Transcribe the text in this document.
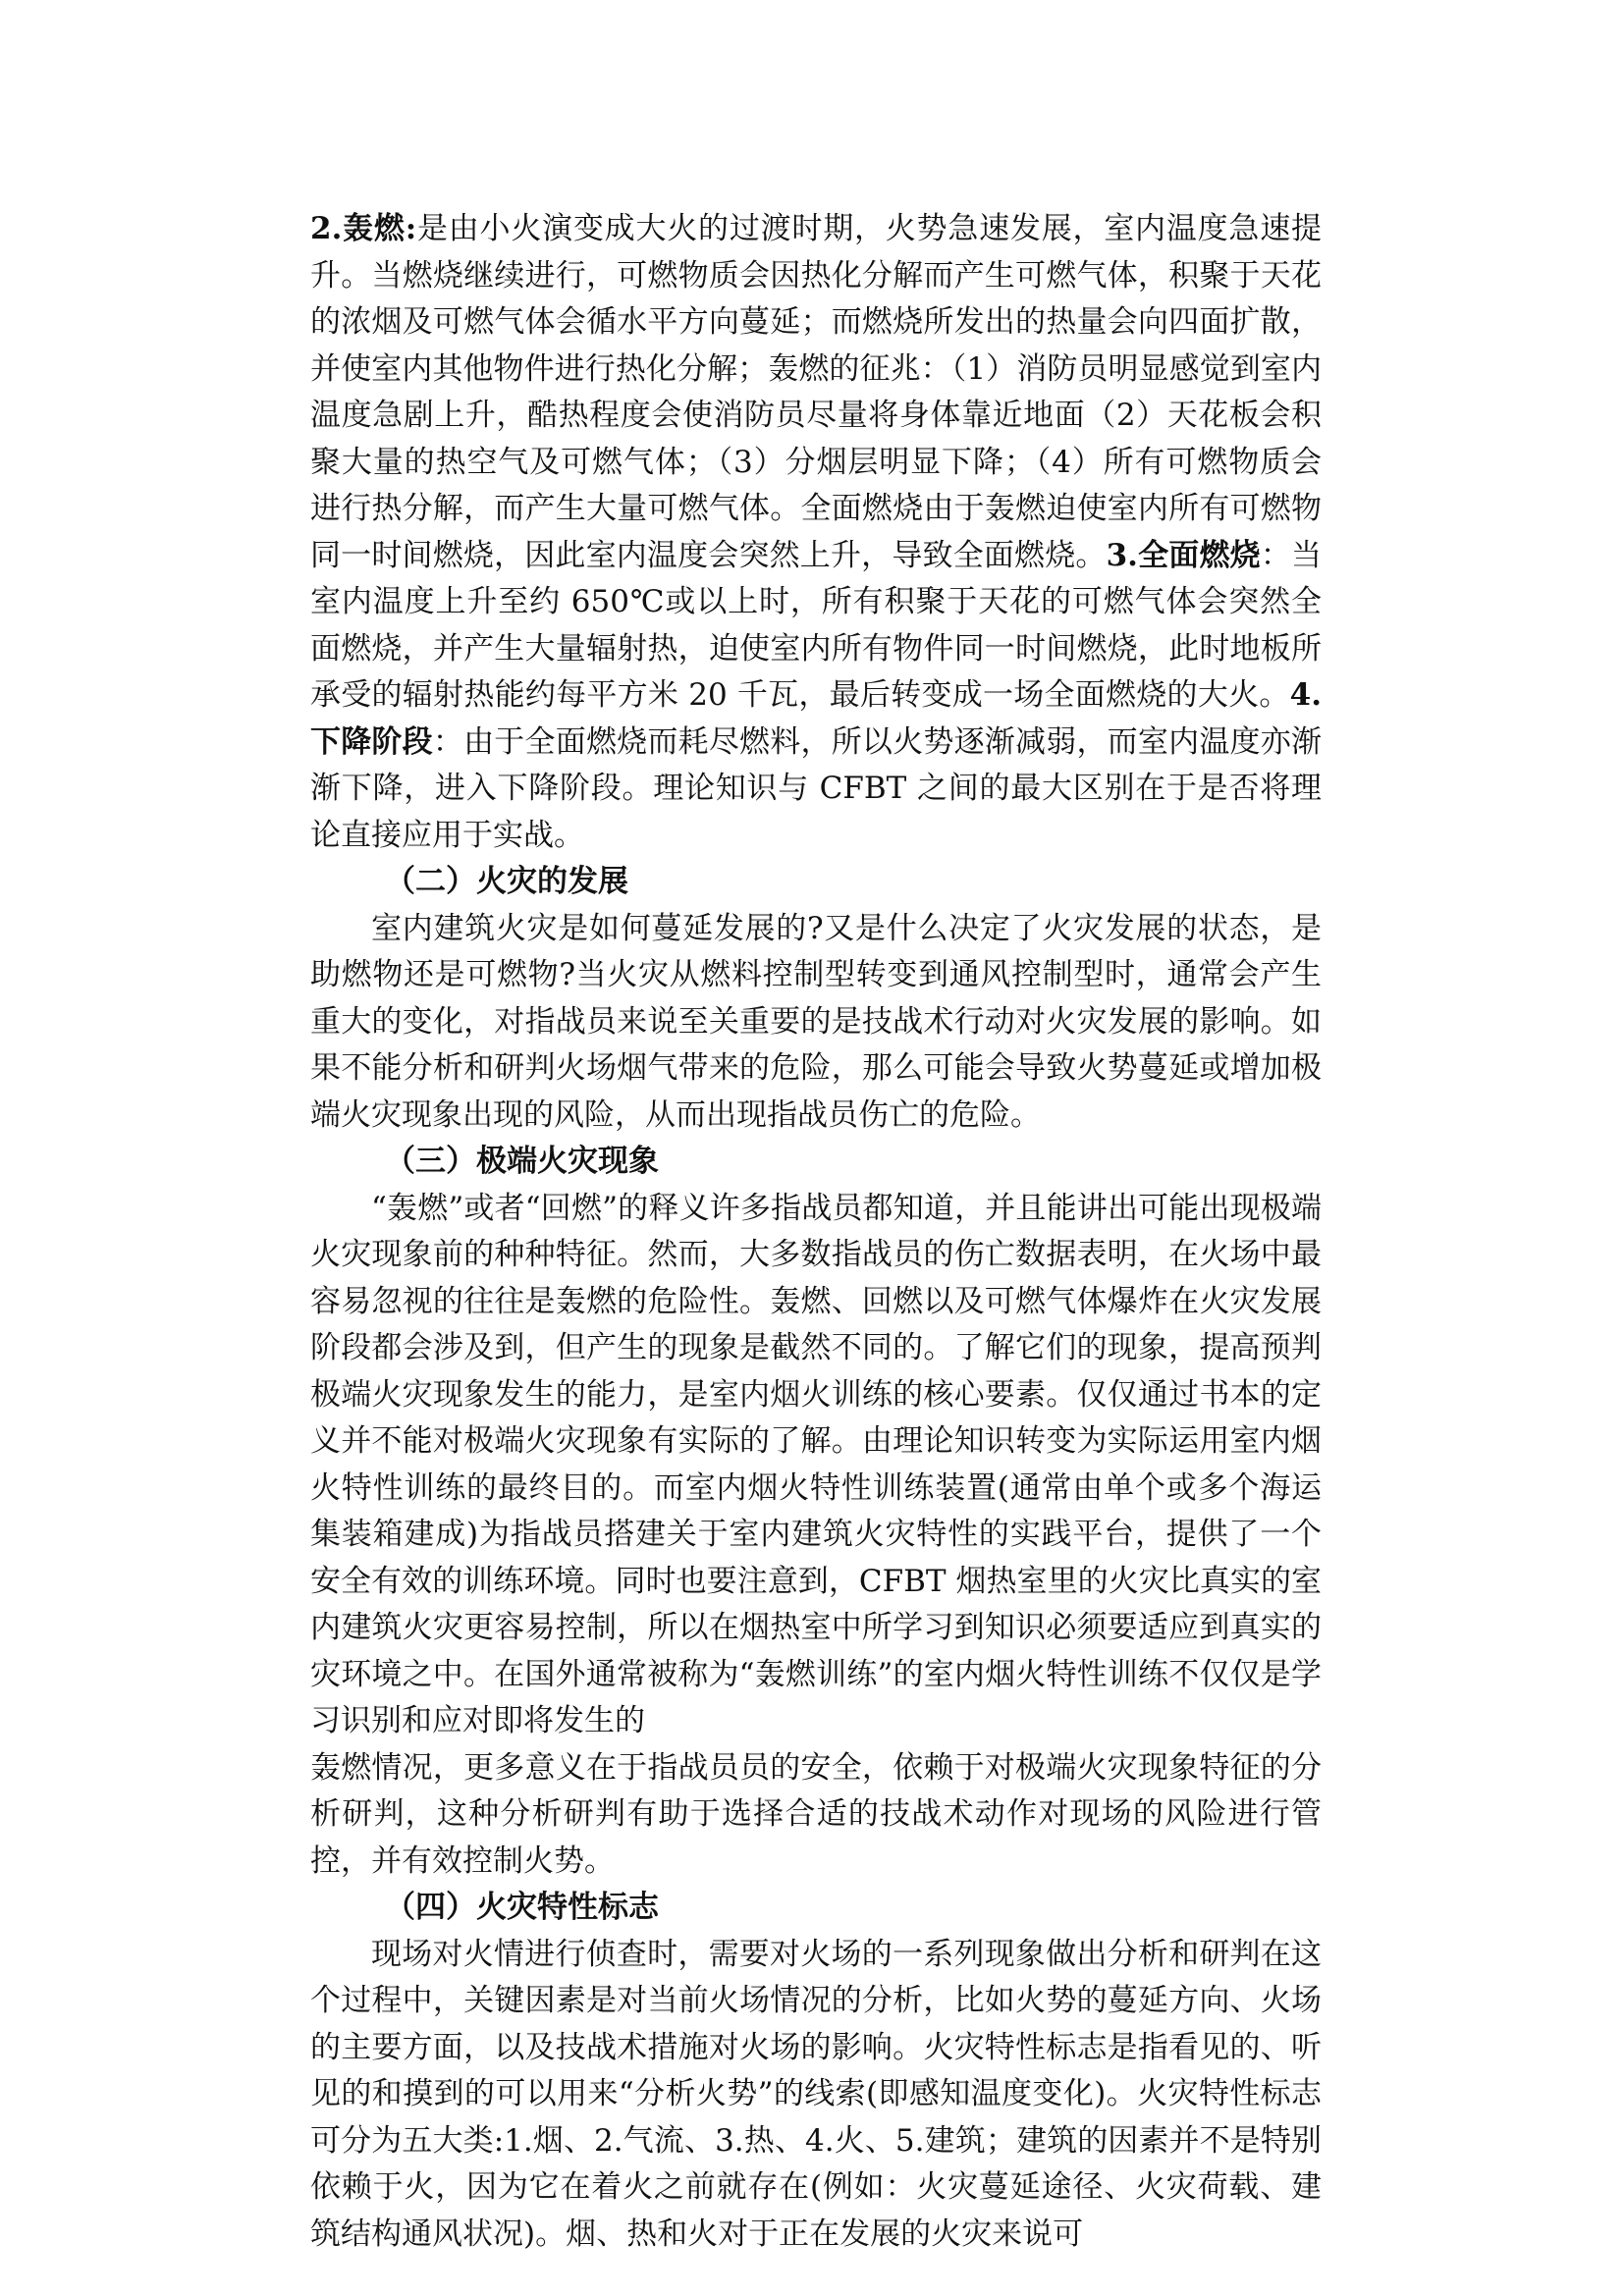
2.轰燃:是由小火演变成大火的过渡时期，火势急速发展，室内温度急速提升。当燃烧继续进行，可燃物质会因热化分解而产生可燃气体，积聚于天花的浓烟及可燃气体会循水平方向蔓延；而燃烧所发出的热量会向四面扩散，并使室内其他物件进行热化分解；轰燃的征兆：（1）消防员明显感觉到室内温度急剧上升，酷热程度会使消防员尽量将身体靠近地面（2）天花板会积聚大量的热空气及可燃气体；（3）分烟层明显下降；（4）所有可燃物质会进行热分解，而产生大量可燃气体。全面燃烧由于轰燃迫使室内所有可燃物同一时间燃烧，因此室内温度会突然上升，导致全面燃烧。3.全面燃烧：当室内温度上升至约 650℃或以上时，所有积聚于天花的可燃气体会突然全面燃烧，并产生大量辐射热，迫使室内所有物件同一时间燃烧，此时地板所承受的辐射热能约每平方米 20 千瓦，最后转变成一场全面燃烧的大火。4.下降阶段：由于全面燃烧而耗尽燃料，所以火势逐渐减弱，而室内温度亦渐渐下降，进入下降阶段。理论知识与 CFBT 之间的最大区别在于是否将理论直接应用于实战。

（二）火灾的发展

室内建筑火灾是如何蔓延发展的?又是什么决定了火灾发展的状态，是助燃物还是可燃物?当火灾从燃料控制型转变到通风控制型时，通常会产生重大的变化，对指战员来说至关重要的是技战术行动对火灾发展的影响。如果不能分析和研判火场烟气带来的危险，那么可能会导致火势蔓延或增加极端火灾现象出现的风险，从而出现指战员伤亡的危险。

（三）极端火灾现象

“轰燃”或者“回燃”的释义许多指战员都知道，并且能讲出可能出现极端火灾现象前的种种特征。然而，大多数指战员的伤亡数据表明，在火场中最容易忽视的往往是轰燃的危险性。轰燃、回燃以及可燃气体爆炸在火灾发展阶段都会涉及到，但产生的现象是截然不同的。了解它们的现象，提高预判极端火灾现象发生的能力，是室内烟火训练的核心要素。仅仅通过书本的定义并不能对极端火灾现象有实际的了解。由理论知识转变为实际运用室内烟火特性训练的最终目的。而室内烟火特性训练装置(通常由单个或多个海运集装箱建成)为指战员搭建关于室内建筑火灾特性的实践平台，提供了一个安全有效的训练环境。同时也要注意到，CFBT 烟热室里的火灾比真实的室内建筑火灾更容易控制，所以在烟热室中所学习到知识必须要适应到真实的灾环境之中。在国外通常被称为“轰燃训练”的室内烟火特性训练不仅仅是学习识别和应对即将发生的

轰燃情况，更多意义在于指战员员的安全，依赖于对极端火灾现象特征的分析研判，这种分析研判有助于选择合适的技战术动作对现场的风险进行管控，并有效控制火势。

（四）火灾特性标志

现场对火情进行侦查时，需要对火场的一系列现象做出分析和研判在这个过程中，关键因素是对当前火场情况的分析，比如火势的蔓延方向、火场的主要方面，以及技战术措施对火场的影响。火灾特性标志是指看见的、听见的和摸到的可以用来“分析火势”的线索(即感知温度变化)。火灾特性标志可分为五大类:1.烟、2.气流、3.热、4.火、5.建筑；建筑的因素并不是特别依赖于火，因为它在着火之前就存在(例如：火灾蔓延途径、火灾荷载、建筑结构通风状况)。烟、热和火对于正在发展的火灾来说可
